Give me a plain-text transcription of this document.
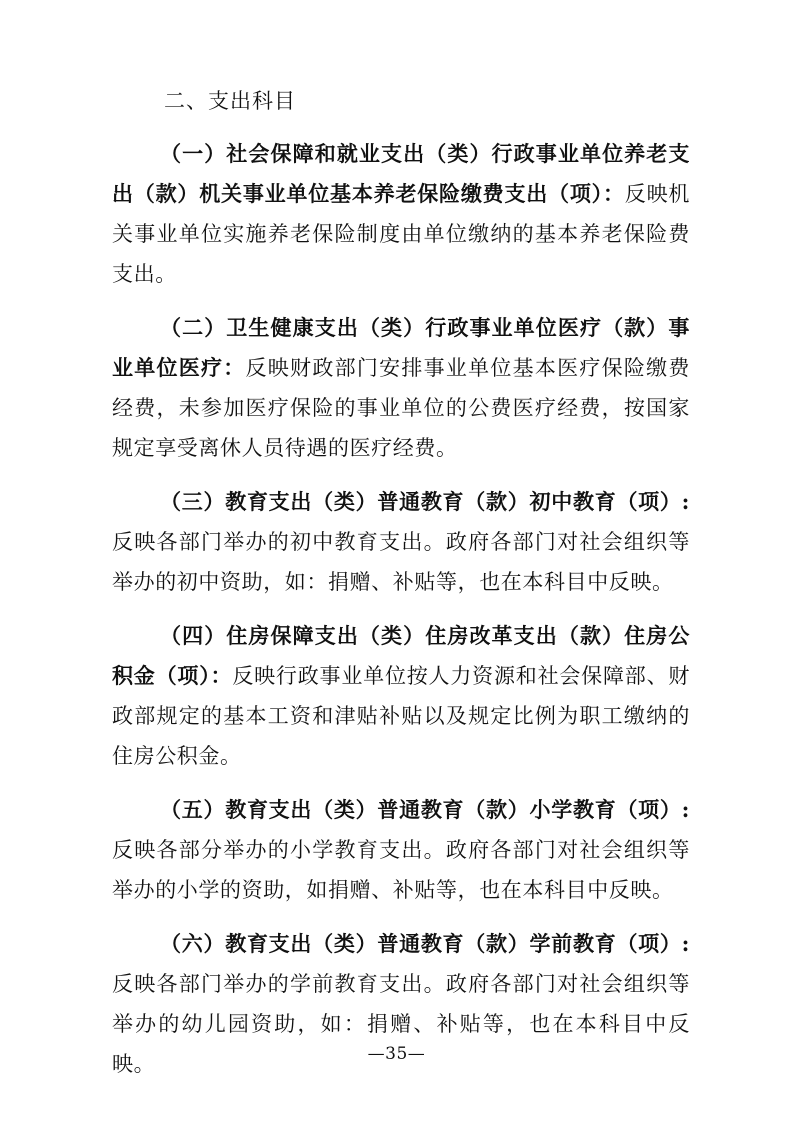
二、支出科目

（一）社会保障和就业支出（类）行政事业单位养老支出（款）机关事业单位基本养老保险缴费支出（项）：反映机关事业单位实施养老保险制度由单位缴纳的基本养老保险费支出。

（二）卫生健康支出（类）行政事业单位医疗（款）事业单位医疗：反映财政部门安排事业单位基本医疗保险缴费经费，未参加医疗保险的事业单位的公费医疗经费，按国家规定享受离休人员待遇的医疗经费。

（三）教育支出（类）普通教育（款）初中教育（项）:反映各部门举办的初中教育支出。政府各部门对社会组织等举办的初中资助，如：捐赠、补贴等，也在本科目中反映。

（四）住房保障支出（类）住房改革支出（款）住房公积金（项）：反映行政事业单位按人力资源和社会保障部、财政部规定的基本工资和津贴补贴以及规定比例为职工缴纳的住房公积金。

（五）教育支出（类）普通教育（款）小学教育（项）:反映各部分举办的小学教育支出。政府各部门对社会组织等举办的小学的资助，如捐赠、补贴等，也在本科目中反映。

（六）教育支出（类）普通教育（款）学前教育（项）:反映各部门举办的学前教育支出。政府各部门对社会组织等举办的幼儿园资助，如：捐赠、补贴等，也在本科目中反映。	—35—
